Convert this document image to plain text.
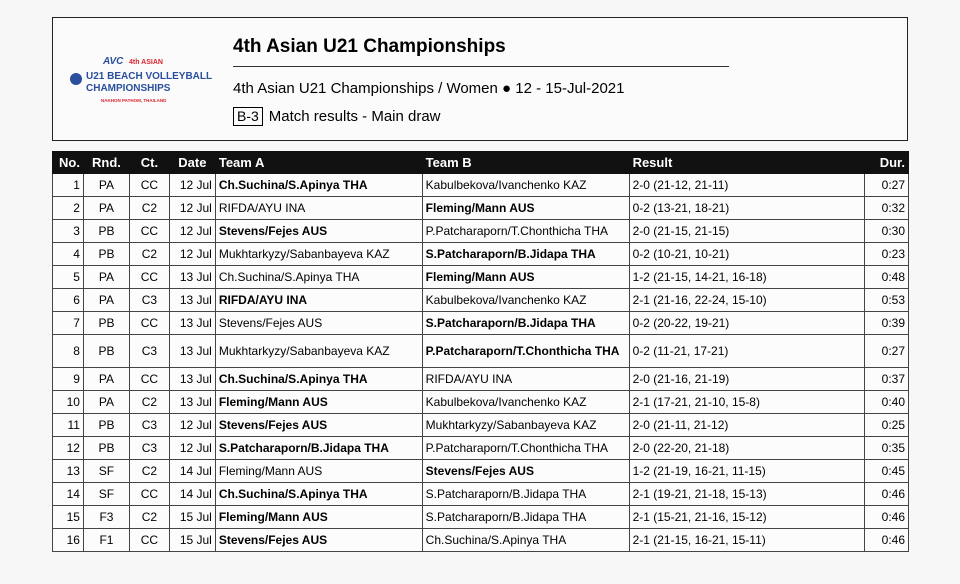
AVC 4th ASIAN
U21 BEACH VOLLEYBALL
CHAMPIONSHIPS
NAKHON PATHOM, THAILAND
4th Asian U21 Championships
4th Asian U21 Championships / Women ● 12 - 15-Jul-2021
B-3 Match results - Main draw
No.	Rnd.	Ct.	Date	Team A	Team B	Result	Dur.
1	PA	CC	12 Jul	Ch.Suchina/S.Apinya THA	Kabulbekova/Ivanchenko KAZ	2-0 (21-12, 21-11)	0:27
2	PA	C2	12 Jul	RIFDA/AYU INA	Fleming/Mann AUS	0-2 (13-21, 18-21)	0:32
3	PB	CC	12 Jul	Stevens/Fejes AUS	P.Patcharaporn/T.Chonthicha THA	2-0 (21-15, 21-15)	0:30
4	PB	C2	12 Jul	Mukhtarkyzy/Sabanbayeva KAZ	S.Patcharaporn/B.Jidapa THA	0-2 (10-21, 10-21)	0:23
5	PA	CC	13 Jul	Ch.Suchina/S.Apinya THA	Fleming/Mann AUS	1-2 (21-15, 14-21, 16-18)	0:48
6	PA	C3	13 Jul	RIFDA/AYU INA	Kabulbekova/Ivanchenko KAZ	2-1 (21-16, 22-24, 15-10)	0:53
7	PB	CC	13 Jul	Stevens/Fejes AUS	S.Patcharaporn/B.Jidapa THA	0-2 (20-22, 19-21)	0:39
8	PB	C3	13 Jul	Mukhtarkyzy/Sabanbayeva KAZ	P.Patcharaporn/T.Chonthicha THA	0-2 (11-21, 17-21)	0:27
9	PA	CC	13 Jul	Ch.Suchina/S.Apinya THA	RIFDA/AYU INA	2-0 (21-16, 21-19)	0:37
10	PA	C2	13 Jul	Fleming/Mann AUS	Kabulbekova/Ivanchenko KAZ	2-1 (17-21, 21-10, 15-8)	0:40
11	PB	C3	12 Jul	Stevens/Fejes AUS	Mukhtarkyzy/Sabanbayeva KAZ	2-0 (21-11, 21-12)	0:25
12	PB	C3	12 Jul	S.Patcharaporn/B.Jidapa THA	P.Patcharaporn/T.Chonthicha THA	2-0 (22-20, 21-18)	0:35
13	SF	C2	14 Jul	Fleming/Mann AUS	Stevens/Fejes AUS	1-2 (21-19, 16-21, 11-15)	0:45
14	SF	CC	14 Jul	Ch.Suchina/S.Apinya THA	S.Patcharaporn/B.Jidapa THA	2-1 (19-21, 21-18, 15-13)	0:46
15	F3	C2	15 Jul	Fleming/Mann AUS	S.Patcharaporn/B.Jidapa THA	2-1 (15-21, 21-16, 15-12)	0:46
16	F1	CC	15 Jul	Stevens/Fejes AUS	Ch.Suchina/S.Apinya THA	2-1 (21-15, 16-21, 15-11)	0:46
